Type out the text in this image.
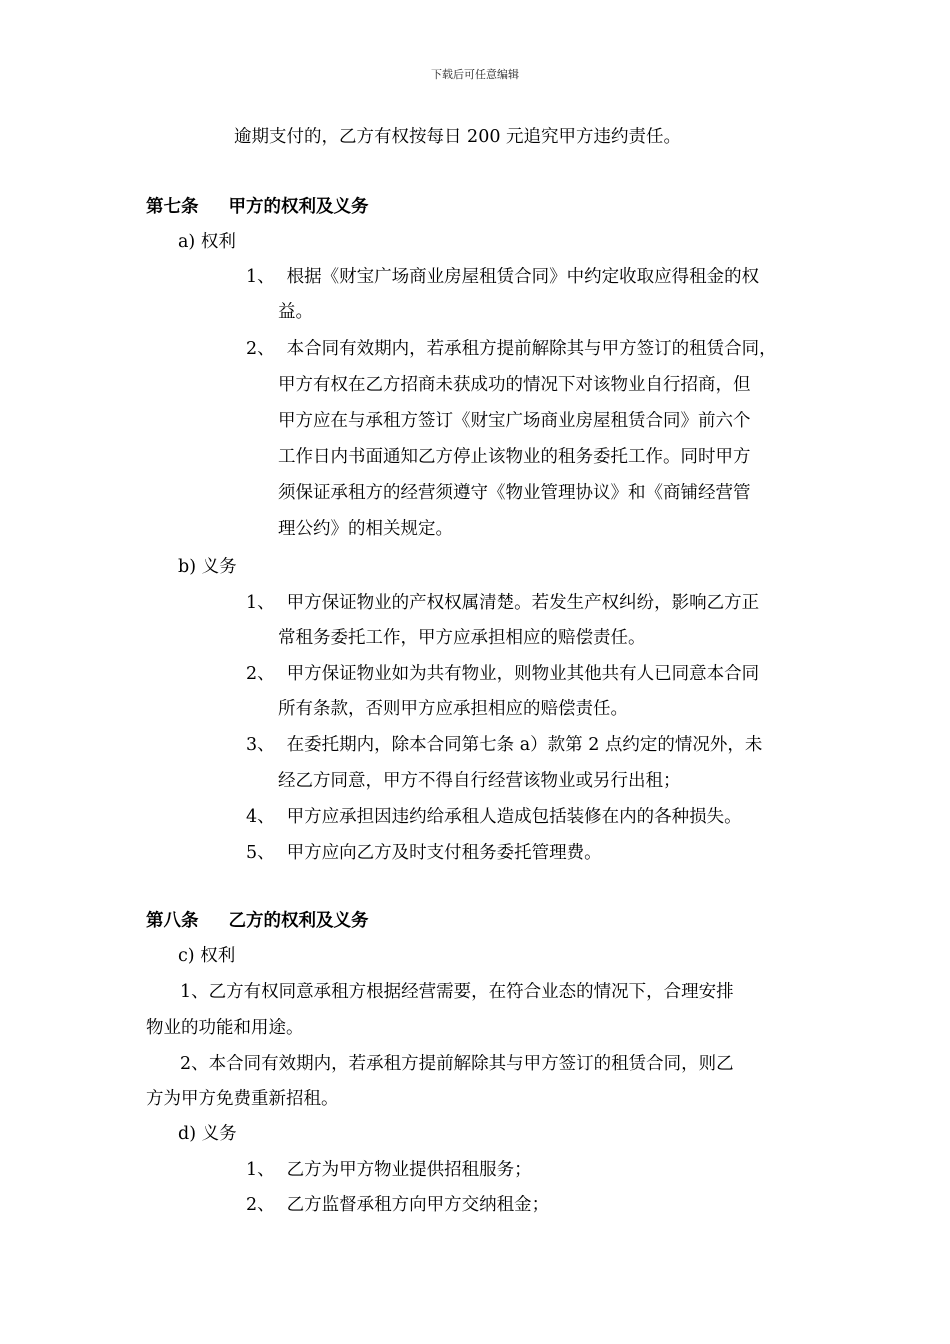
下载后可任意编辑
逾期支付的，乙方有权按每日 200 元追究甲方违约责任。
第七条 甲方的权利及义务
a) 权利
1、 根据《财宝广场商业房屋租赁合同》中约定收取应得租金的权
益。
2、 本合同有效期内，若承租方提前解除其与甲方签订的租赁合同，
甲方有权在乙方招商未获成功的情况下对该物业自行招商，但
甲方应在与承租方签订《财宝广场商业房屋租赁合同》前六个
工作日内书面通知乙方停止该物业的租务委托工作。同时甲方
须保证承租方的经营须遵守《物业管理协议》和《商铺经营管
理公约》的相关规定。
b) 义务
1、 甲方保证物业的产权权属清楚。若发生产权纠纷，影响乙方正
常租务委托工作，甲方应承担相应的赔偿责任。
2、 甲方保证物业如为共有物业，则物业其他共有人已同意本合同
所有条款，否则甲方应承担相应的赔偿责任。
3、 在委托期内，除本合同第七条 a）款第 2 点约定的情况外，未
经乙方同意，甲方不得自行经营该物业或另行出租；
4、 甲方应承担因违约给承租人造成包括装修在内的各种损失。
5、 甲方应向乙方及时支付租务委托管理费。
第八条 乙方的权利及义务
c) 权利
1、乙方有权同意承租方根据经营需要，在符合业态的情况下，合理安排
物业的功能和用途。
2、本合同有效期内，若承租方提前解除其与甲方签订的租赁合同，则乙
方为甲方免费重新招租。
d) 义务
1、 乙方为甲方物业提供招租服务；
2、 乙方监督承租方向甲方交纳租金；
